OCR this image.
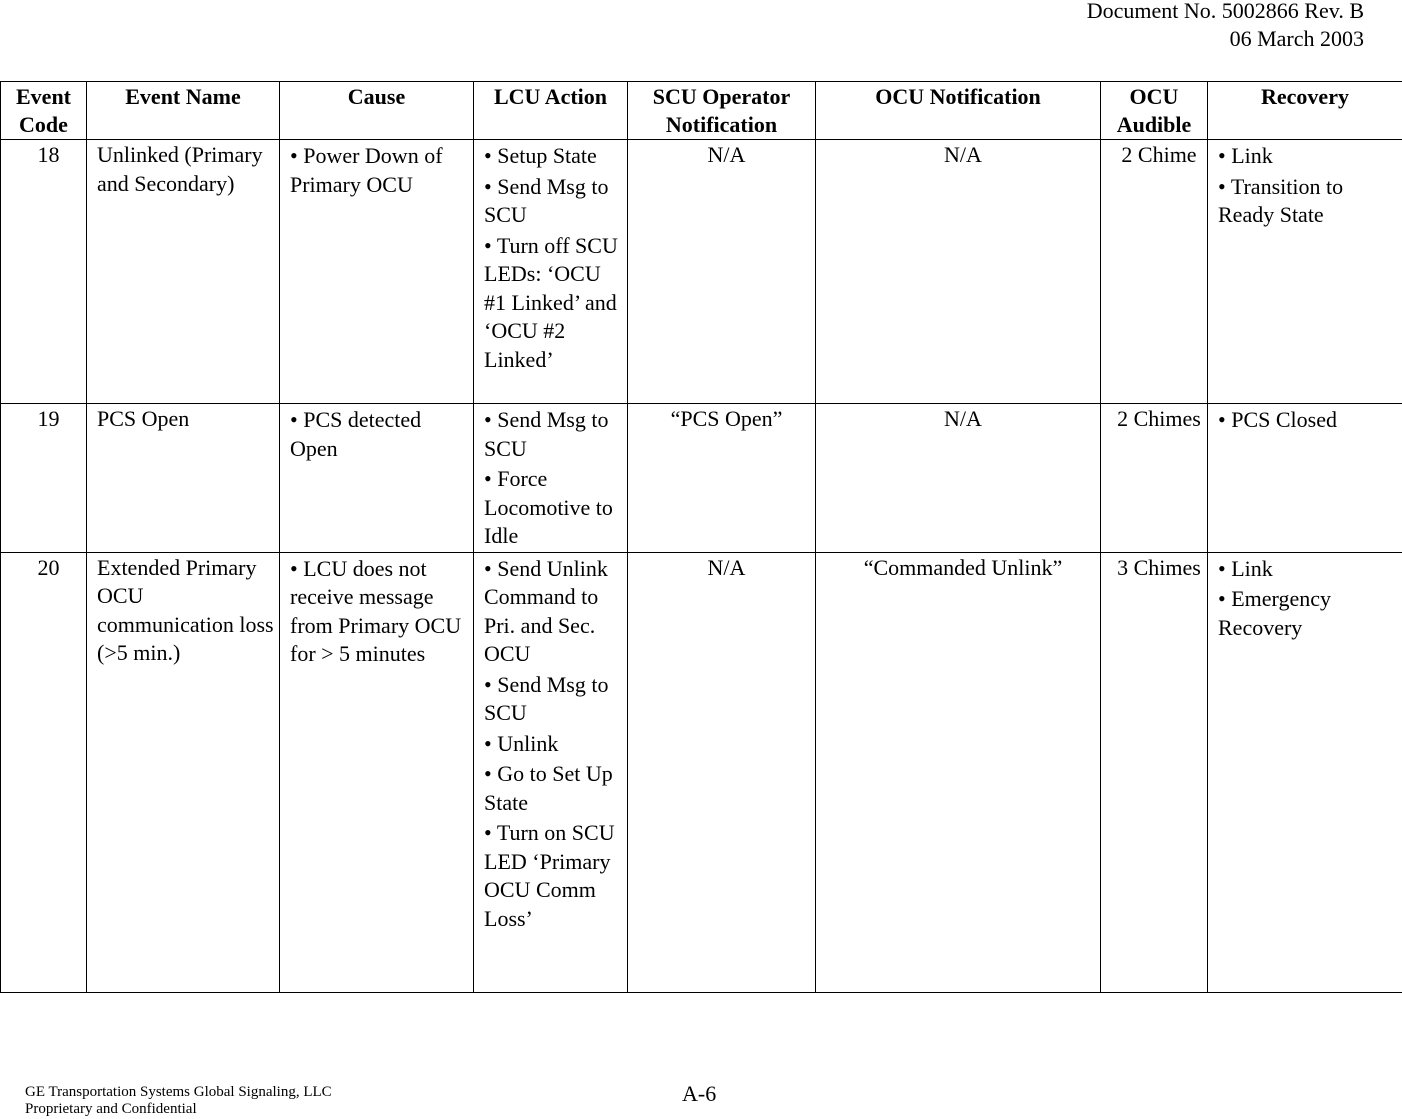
Document No. 5002866 Rev. B
06 March 2003
Event Code	Event Name	Cause	LCU Action	SCU Operator Notification	OCU Notification	OCU Audible	Recovery
18	Unlinked (Primary and Secondary)	• Power Down of Primary OCU	• Setup State
• Send Msg to SCU
• Turn off SCU LEDs: ‘OCU #1 Linked’ and ‘OCU #2 Linked’	N/A	N/A	2 Chime	• Link
• Transition to Ready State

19	PCS Open	• PCS detected Open	• Send Msg to SCU
• Force Locomotive to Idle	“PCS Open”	N/A	2 Chimes	• PCS Closed

20	Extended Primary OCU communication loss (>5 min.)	• LCU does not receive message from Primary OCU for > 5 minutes	• Send Unlink Command to Pri. and Sec. OCU
• Send Msg to SCU
• Unlink
• Go to Set Up State
• Turn on SCU LED ‘Primary OCU Comm Loss’	N/A	“Commanded Unlink”	3 Chimes	• Link
• Emergency Recovery
GE Transportation Systems Global Signaling, LLC
Proprietary and Confidential
A-6
